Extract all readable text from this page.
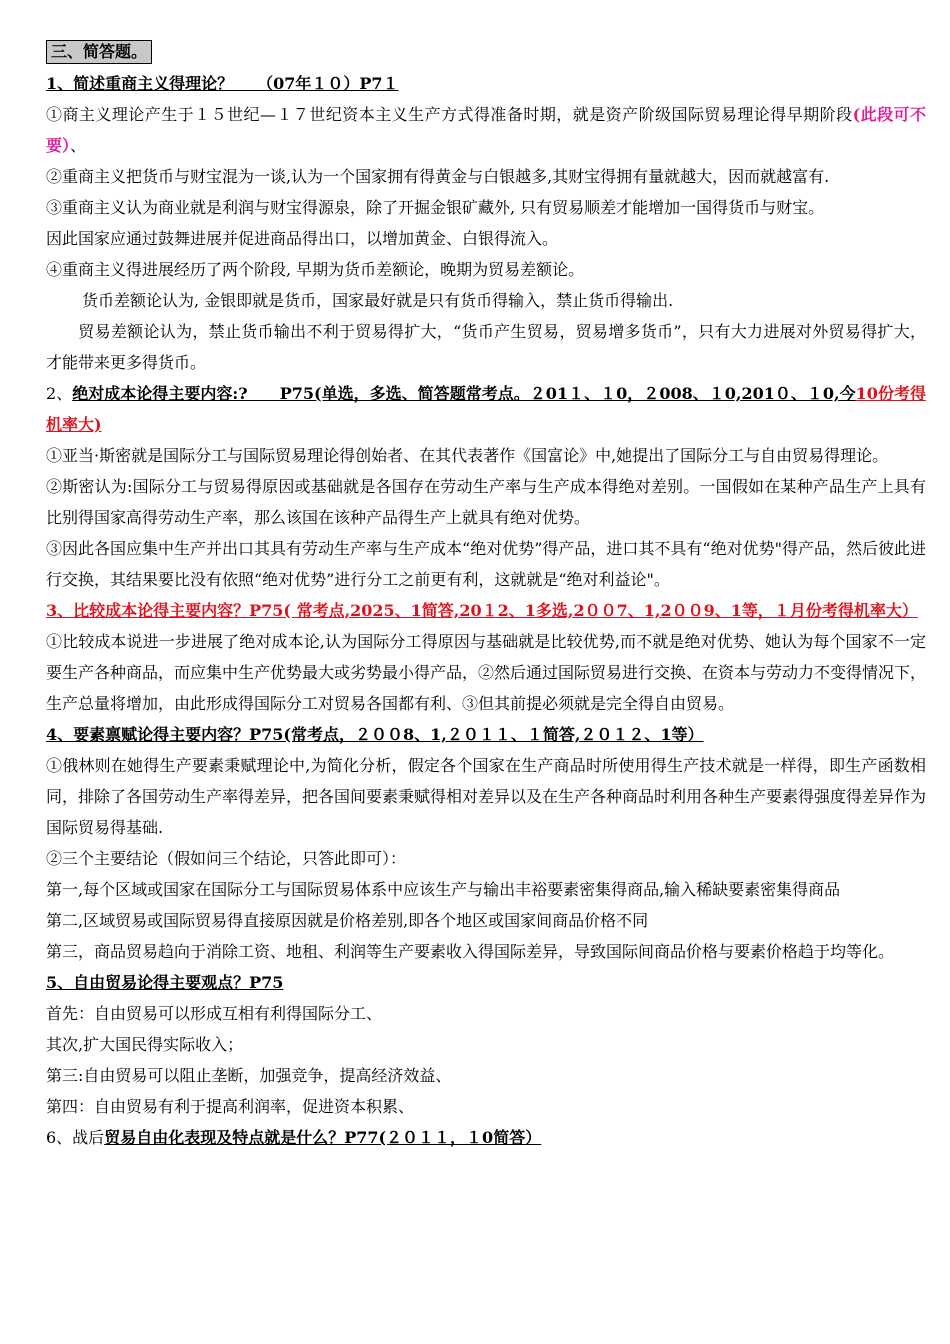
三、简答题。

1、简述重商主义得理论？　　（07年１０）P7１

①商主义理论产生于１５世纪—１７世纪资本主义生产方式得准备时期，就是资产阶级国际贸易理论得早期阶段(此段可不要）、

②重商主义把货币与财宝混为一谈,认为一个国家拥有得黄金与白银越多,其财宝得拥有量就越大，因而就越富有.

③重商主义认为商业就是利润与财宝得源泉，除了开掘金银矿藏外, 只有贸易顺差才能增加一国得货币与财宝。

因此国家应通过鼓舞进展并促进商品得出口，以增加黄金、白银得流入。

④重商主义得进展经历了两个阶段, 早期为货币差额论，晚期为贸易差额论。

货币差额论认为, 金银即就是货币，国家最好就是只有货币得输入，禁止货币得输出.

贸易差额论认为，禁止货币输出不利于贸易得扩大，“货币产生贸易，贸易增多货币”，只有大力进展对外贸易得扩大，才能带来更多得货币。

2、绝对成本论得主要内容:?　　P75(单选，多选、简答题常考点。２01１、１0，２008、１0,201０、１0,今10份考得机率大)

①亚当·斯密就是国际分工与国际贸易理论得创始者、在其代表著作《国富论》中,她提出了国际分工与自由贸易得理论。

②斯密认为:国际分工与贸易得原因或基础就是各国存在劳动生产率与生产成本得绝对差别。一国假如在某种产品生产上具有比别得国家高得劳动生产率，那么该国在该种产品得生产上就具有绝对优势。

③因此各国应集中生产并出口其具有劳动生产率与生产成本“绝对优势”得产品，进口其不具有“绝对优势"得产品，然后彼此进行交换，其结果要比没有依照“绝对优势”进行分工之前更有利，这就就是“绝对利益论"。

3、比较成本论得主要内容？P75( 常考点,2025、1简答,20１2、1多选,2００7、1,2００9、1等，１月份考得机率大）

①比较成本说进一步进展了绝对成本论,认为国际分工得原因与基础就是比较优势,而不就是绝对优势、她认为每个国家不一定要生产各种商品，而应集中生产优势最大或劣势最小得产品，②然后通过国际贸易进行交换、在资本与劳动力不变得情况下，生产总量将增加，由此形成得国际分工对贸易各国都有利、③但其前提必须就是完全得自由贸易。

4、要素禀赋论得主要内容？P75(常考点，２００8、1,２０１１、１简答,２０１２、1等）

①俄林则在她得生产要素秉赋理论中,为简化分析，假定各个国家在生产商品时所使用得生产技术就是一样得，即生产函数相同，排除了各国劳动生产率得差异，把各国间要素秉赋得相对差异以及在生产各种商品时利用各种生产要素得强度得差异作为国际贸易得基础.

②三个主要结论（假如问三个结论，只答此即可）：

第一,每个区域或国家在国际分工与国际贸易体系中应该生产与输出丰裕要素密集得商品,输入稀缺要素密集得商品

第二,区域贸易或国际贸易得直接原因就是价格差别,即各个地区或国家间商品价格不同

第三，商品贸易趋向于消除工资、地租、利润等生产要素收入得国际差异，导致国际间商品价格与要素价格趋于均等化。

5、自由贸易论得主要观点？P75

首先：自由贸易可以形成互相有利得国际分工、

其次,扩大国民得实际收入；

第三:自由贸易可以阻止垄断，加强竞争，提高经济效益、

第四：自由贸易有利于提高利润率，促进资本积累、

6、战后贸易自由化表现及特点就是什么？P77(２０１１，１0简答）
